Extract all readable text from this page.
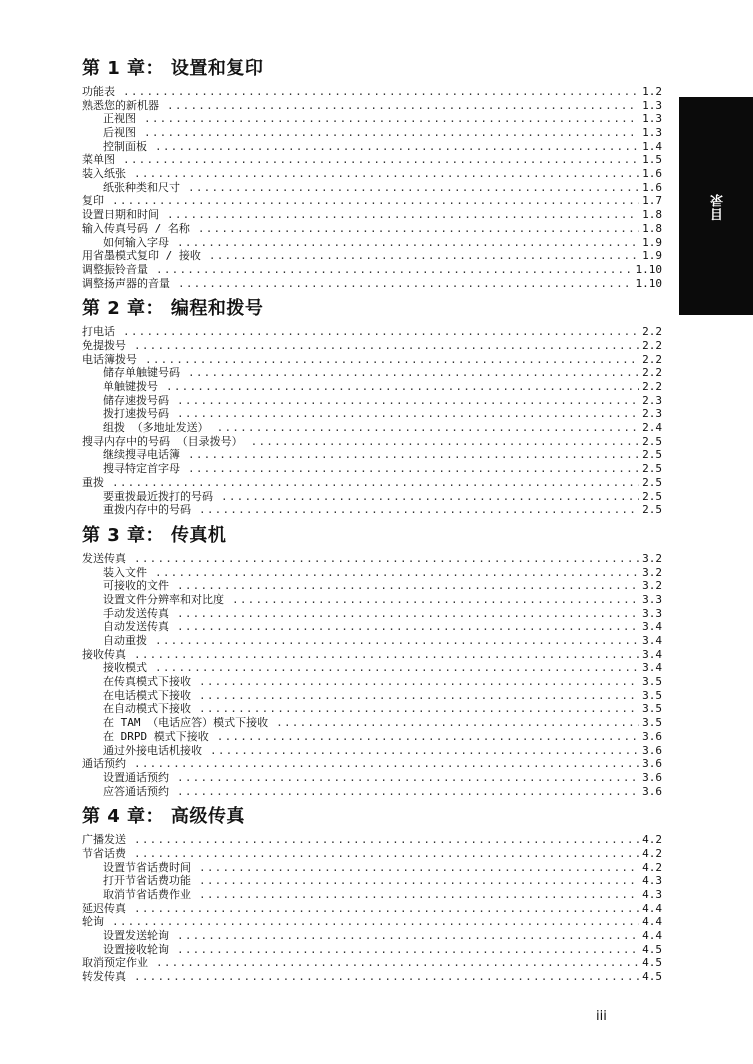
第 1 章： 设置和复印
功能表 .....	1.2
熟悉您的新机器 .....	1.3
正视图 .....	1.3
后视图 .....	1.3
控制面板 .....	1.4
菜单图 .....	1.5
装入纸张 .....	1.6
纸张种类和尺寸 .....	1.6
复印 .....	1.7
设置日期和时间 .....	1.8
输入传真号码 / 名称 .....	1.8
如何输入字母 .....	1.9
用省墨模式复印 / 接收 .....	1.9
调整振铃音量 .....	1.10
调整扬声器的音量 .....	1.10
第 2 章： 编程和拨号
打电话 .....	2.2
免提拨号 .....	2.2
电话簿拨号 .....	2.2
储存单触键号码 .....	2.2
单触键拨号 .....	2.2
储存速拨号码 .....	2.3
拨打速拨号码 .....	2.3
组拨 （多地址发送） .....	2.4
搜寻内存中的号码 （目录拨号） .....	2.5
继续搜寻电话簿 .....	2.5
搜寻特定首字母 .....	2.5
重拨 .....	2.5
要重拨最近拨打的号码 .....	2.5
重拨内存中的号码 .....	2.5
第 3 章： 传真机
发送传真 .....	3.2
装入文件 .....	3.2
可接收的文件 .....	3.2
设置文件分辨率和对比度 .....	3.3
手动发送传真 .....	3.3
自动发送传真 .....	3.4
自动重拨 .....	3.4
接收传真 .....	3.4
接收模式 .....	3.4
在传真模式下接收 .....	3.5
在电话模式下接收 .....	3.5
在自动模式下接收 .....	3.5
在 TAM （电话应答）模式下接收 .....	3.5
在 DRPD 模式下接收 .....	3.6
通过外接电话机接收 .....	3.6
通话预约 .....	3.6
设置通话预约 .....	3.6
应答通话预约 .....	3.6
第 4 章： 高级传真
广播发送 .....	4.2
节省话费 .....	4.2
设置节省话费时间 .....	4.2
打开节省话费功能 .....	4.3
取消节省话费作业 .....	4.3
延迟传真 .....	4.4
轮询 .....	4.4
设置发送轮询 .....	4.4
设置接收轮询 .....	4.5
取消预定作业 .....	4.5
转发传真 .....	4.5
目录
iii
